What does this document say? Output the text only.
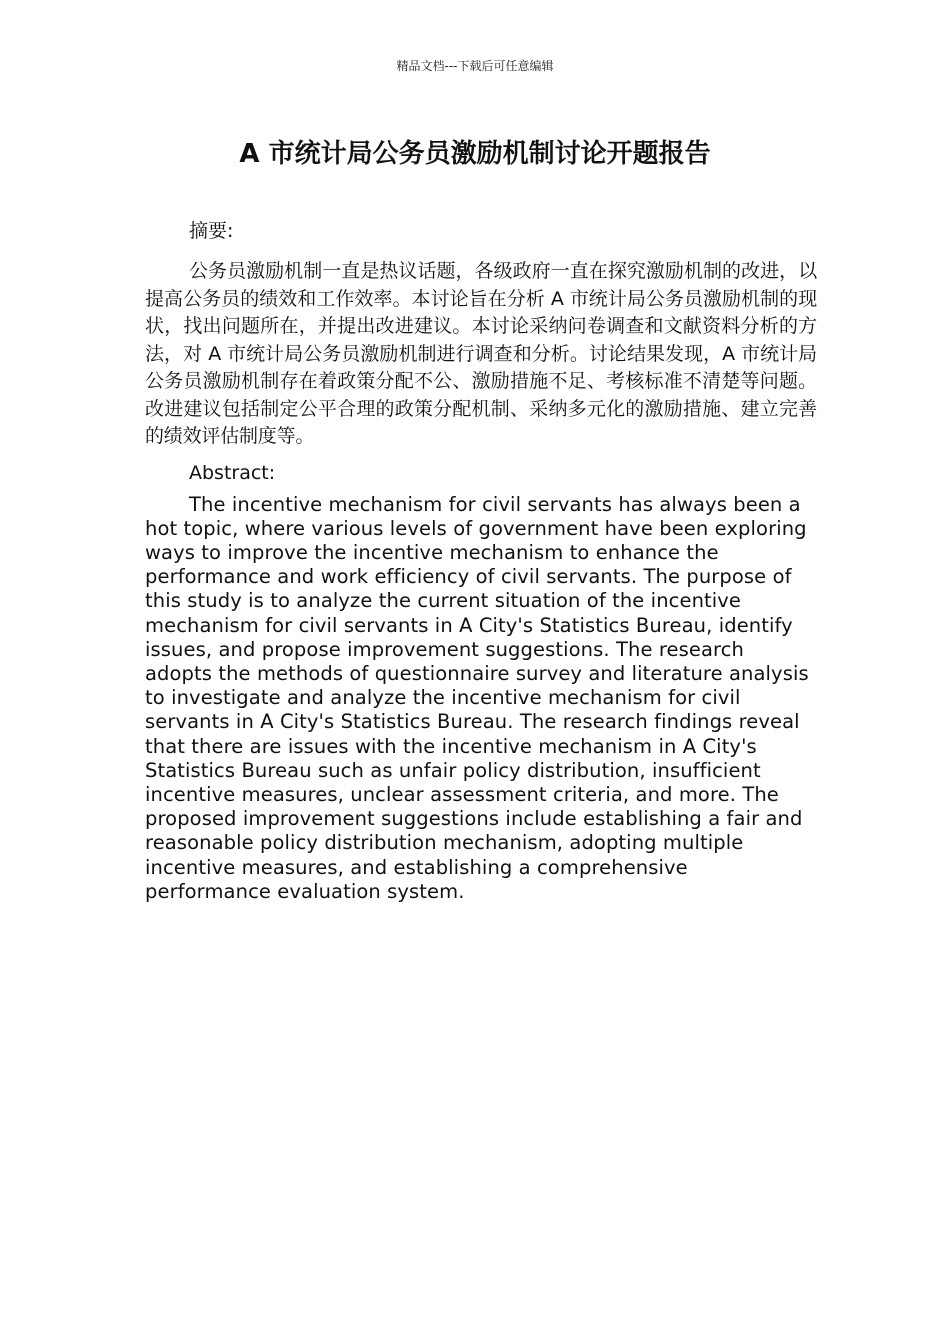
精品文档---下载后可任意编辑
A 市统计局公务员激励机制讨论开题报告

摘要:

公务员激励机制一直是热议话题，各级政府一直在探究激励机制的改进，以提高公务员的绩效和工作效率。本讨论旨在分析 A 市统计局公务员激励机制的现状，找出问题所在，并提出改进建议。本讨论采纳问卷调查和文献资料分析的方法，对 A 市统计局公务员激励机制进行调查和分析。讨论结果发现，A 市统计局公务员激励机制存在着政策分配不公、激励措施不足、考核标准不清楚等问题。改进建议包括制定公平合理的政策分配机制、采纳多元化的激励措施、建立完善的绩效评估制度等。

Abstract:

The incentive mechanism for civil servants has always been a hot topic, where various levels of government have been exploring ways to improve the incentive mechanism to enhance the performance and work efficiency of civil servants. The purpose of this study is to analyze the current situation of the incentive mechanism for civil servants in A City's Statistics Bureau, identify issues, and propose improvement suggestions. The research adopts the methods of questionnaire survey and literature analysis to investigate and analyze the incentive mechanism for civil servants in A City's Statistics Bureau. The research findings reveal that there are issues with the incentive mechanism in A City's Statistics Bureau such as unfair policy distribution, insufficient incentive measures, unclear assessment criteria, and more. The proposed improvement suggestions include establishing a fair and reasonable policy distribution mechanism, adopting multiple incentive measures, and establishing a comprehensive performance evaluation system.
